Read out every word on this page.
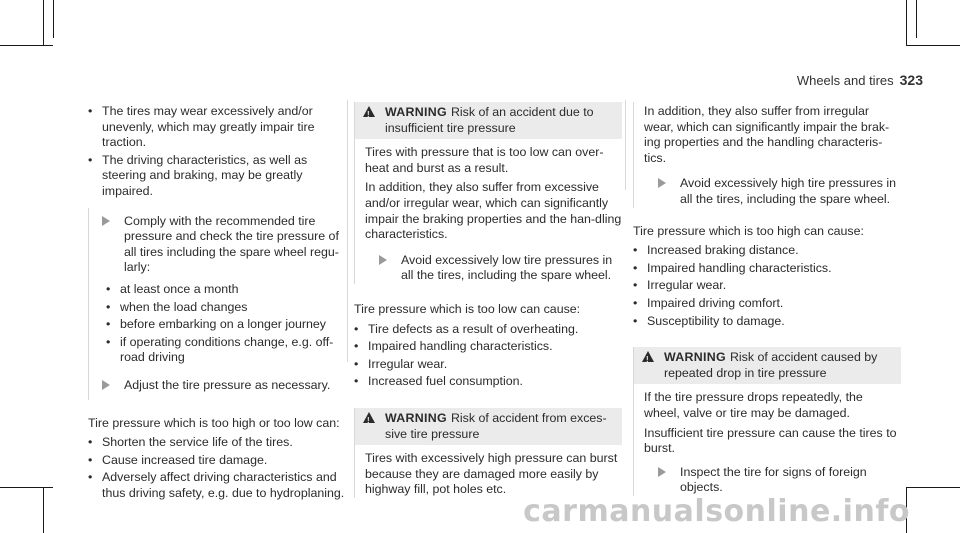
Wheels and tires 323
• The tires may wear excessively and/or unevenly, which may greatly impair tire traction.
• The driving characteristics, as well as steering and braking, may be greatly impaired.
Comply with the recommended tire pressure and check the tire pressure of all tires including the spare wheel regu-larly:
• at least once a month
• when the load changes
• before embarking on a longer journey
• if operating conditions change, e.g. off-road driving
Adjust the tire pressure as necessary.

Tire pressure which is too high or too low can:

• Shorten the service life of the tires.
• Cause increased tire damage.
• Adversely affect driving characteristics and thus driving safety, e.g. due to hydroplaning.
!
WARNING Risk of an accident due to insufficient tire pressure

Tires with pressure that is too low can over-heat and burst as a result.

In addition, they also suffer from excessive and/or irregular wear, which can significantly impair the braking properties and the han-dling characteristics.

Avoid excessively low tire pressures in all the tires, including the spare wheel.

Tire pressure which is too low can cause:

• Tire defects as a result of overheating.
• Impaired handling characteristics.
• Irregular wear.
• Increased fuel consumption.
!
WARNING Risk of accident from exces-sive tire pressure

Tires with excessively high pressure can burst because they are damaged more easily by highway fill, pot holes etc.

In addition, they also suffer from irregular wear, which can significantly impair the brak-ing properties and the handling characteris-tics.

Avoid excessively high tire pressures in all the tires, including the spare wheel.

Tire pressure which is too high can cause:

• Increased braking distance.
• Impaired handling characteristics.
• Irregular wear.
• Impaired driving comfort.
• Susceptibility to damage.
!
WARNING Risk of accident caused by repeated drop in tire pressure

If the tire pressure drops repeatedly, the wheel, valve or tire may be damaged.

Insufficient tire pressure can cause the tires to burst.

Inspect the tire for signs of foreign objects.
carmanualsonline.info
